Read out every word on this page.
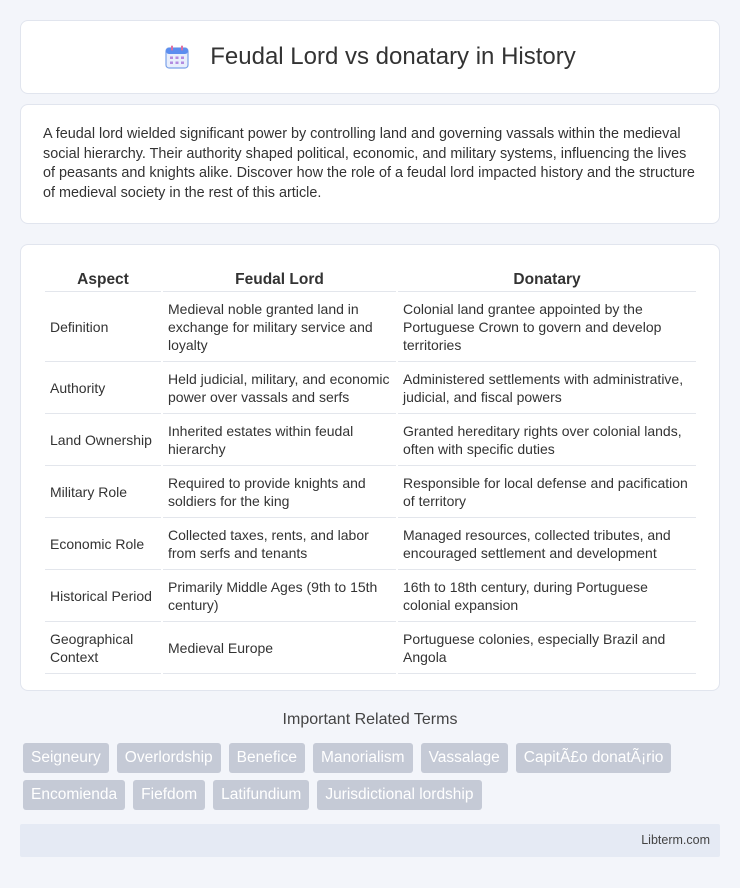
Feudal Lord vs donatary in History

A feudal lord wielded significant power by controlling land and governing vassals within the medieval social hierarchy. Their authority shaped political, economic, and military systems, influencing the lives of peasants and knights alike. Discover how the role of a feudal lord impacted history and the structure of medieval society in the rest of this article.

Aspect	Feudal Lord	Donatary
Definition	Medieval noble granted land in exchange for military service and loyalty	Colonial land grantee appointed by the Portuguese Crown to govern and develop territories
Authority	Held judicial, military, and economic power over vassals and serfs	Administered settlements with administrative, judicial, and fiscal powers
Land Ownership	Inherited estates within feudal hierarchy	Granted hereditary rights over colonial lands, often with specific duties
Military Role	Required to provide knights and soldiers for the king	Responsible for local defense and pacification of territory
Economic Role	Collected taxes, rents, and labor from serfs and tenants	Managed resources, collected tributes, and encouraged settlement and development
Historical Period	Primarily Middle Ages (9th to 15th century)	16th to 18th century, during Portuguese colonial expansion
Geographical Context	Medieval Europe	Portuguese colonies, especially Brazil and Angola
Important Related Terms
Seigneury	Overlordship	Benefice	Manorialism	Vassalage	CapitÃ£o donatÃ¡rio
Encomienda	Fiefdom	Latifundium	Jurisdictional lordship
Libterm.com
